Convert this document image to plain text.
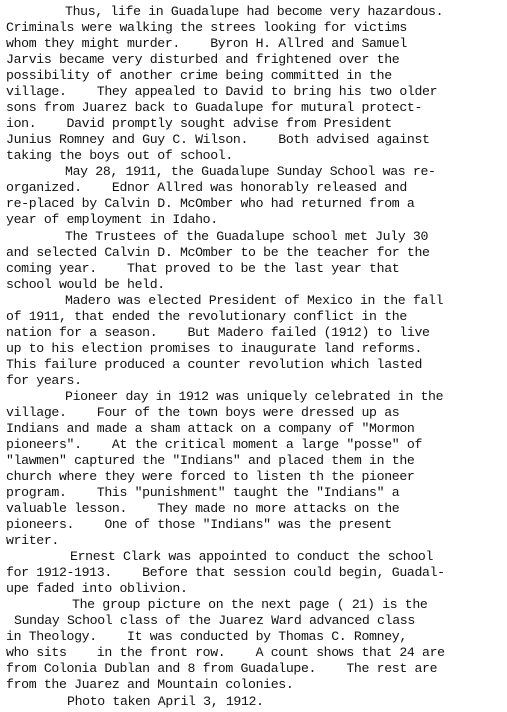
Thus, life in Guadalupe had become very hazardous.
Criminals were walking the strees looking for victims
whom they might murder.    Byron H. Allred and Samuel
Jarvis became very disturbed and frightened over the
possibility of another crime being committed in the
village.    They appealed to David to bring his two older
sons from Juarez back to Guadalupe for mutural protect-
ion.    David promptly sought advise from President
Junius Romney and Guy C. Wilson.    Both advised against
taking the boys out of school.
May 28, 1911, the Guadalupe Sunday School was re-
organized.    Ednor Allred was honorably released and
re-placed by Calvin D. McOmber who had returned from a
year of employment in Idaho.
The Trustees of the Guadalupe school met July 30
and selected Calvin D. McOmber to be the teacher for the
coming year.    That proved to be the last year that
school would be held.
Madero was elected President of Mexico in the fall
of 1911, that ended the revolutionary conflict in the
nation for a season.    But Madero failed (1912) to live
up to his election promises to inaugurate land reforms.
This failure produced a counter revolution which lasted
for years.
Pioneer day in 1912 was uniquely celebrated in the
village.    Four of the town boys were dressed up as
Indians and made a sham attack on a company of "Mormon
pioneers".    At the critical moment a large "posse" of
"lawmen" captured the "Indians" and placed them in the
church where they were forced to listen th the pioneer
program.    This "punishment" taught the "Indians" a
valuable lesson.    They made no more attacks on the
pioneers.    One of those "Indians" was the present
writer.
Ernest Clark was appointed to conduct the school
for 1912-1913.    Before that session could begin, Guadal-
upe faded into oblivion.
The group picture on the next page ( 21) is the
Sunday School class of the Juarez Ward advanced class
in Theology.    It was conducted by Thomas C. Romney,
who sits    in the front row.    A count shows that 24 are
from Colonia Dublan and 8 from Guadalupe.    The rest are
from the Juarez and Mountain colonies.
Photo taken April 3, 1912.
